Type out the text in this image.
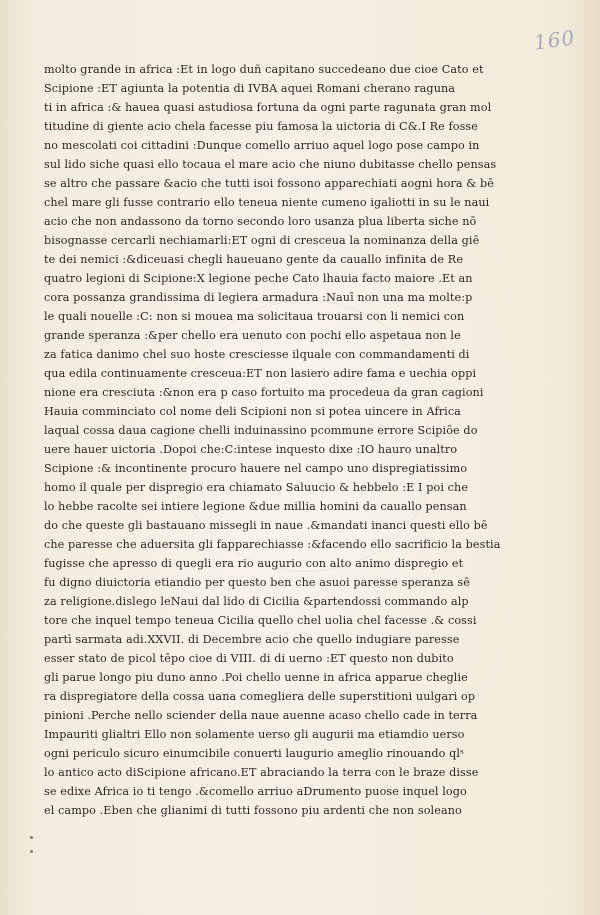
160
molto grande in africa :Et in logo duñ capitano succedeano due cioe Cato et
Scipione :ET agiunta la potentia di IVBA aquei Romani cherano raguna
ti in africa :& hauea quasi astudiosa fortuna da ogni parte ragunata gran mol
titudine di giente acio chela facesse piu famosa la uictoria di C&.I Re fosse
no mescolati coi cittadini :Dunque comello arriuo aquel logo pose campo in
sul lido siche quasi ello tocaua el mare acio che niuno dubitasse chello pensas
se altro che passare &acio che tutti isoi fossono apparechiati aogni hora & bē
chel mare gli fusse contrario ello teneua niente cumeno igaliotti in su le naui
acio che non andassono da torno secondo loro usanza plua liberta siche nō
bisognasse cercarli nechiamarli:ET ogni di cresceua la nominanza della giē
te dei nemici :&diceuasi chegli haueuano gente da cauallo infinita de Re
quatro legioni di Scipione:X legione peche Cato lhauia facto maiore .Et an
cora possanza grandissima di legiera armadura :Nauī non una ma molte:p
le quali nouelle :C: non si mouea ma solicitaua trouarsi con li nemici con
grande speranza :&per chello era uenuto con pochi ello aspetaua non le
za fatica danimo chel suo hoste cresciesse ilquale con commandamenti di
qua edila continuamente cresceua:ET non lasiero adire fama e uechia oppi
nione era cresciuta :&non era p caso fortuito ma procedeua da gran cagioni
Hauia comminciato col nome deli Scipioni non si potea uincere in Africa
laqual cossa daua cagione chelli induinassino pcommune errore Scipiōe do
uere hauer uictoria .Dopoi che:C:intese inquesto dixe :IO hauro unaltro
Scipione :& incontinente procuro hauere nel campo uno dispregiatissimo
homo il quale per dispregio era chiamato Saluucio & hebbelo :E I poi che
lo hebbe racolte sei intiere legione &due millia homini da cauallo pensan
do che queste gli bastauano missegli in naue .&mandati inanci questi ello bē
che paresse che aduersita gli fapparechiasse :&facendo ello sacrificio la bestia
fugisse che apresso di quegli era rio augurio con alto animo dispregio et
fu digno diuictoria etiandio per questo ben che asuoi paresse speranza sē
za religione.dislego leNaui dal lido di Cicilia &partendossi commando alp
tore che inquel tempo teneua Cicilia quello chel uolia chel facesse .& cossi
partì sarmata adi.XXVII. di Decembre acio che quello indugiare paresse
esser stato de picol tēpo cioe di VIII. di di uerno :ET questo non dubito
gli parue longo piu duno anno .Poi chello uenne in africa apparue cheglie
ra dispregiatore della cossa uana comegliera delle superstitioni uulgari op
pinioni .Perche nello sciender della naue auenne acaso chello cade in terra
Impauriti glialtri Ello non solamente uerso gli augurii ma etiamdio uerso
ogni periculo sicuro einumcibile conuerti laugurio ameglio rinouando qlˢ
lo antico acto diScipione africano.ET abraciando la terra con le braze disse
se edixe Africa io ti tengo .&comello arriuo aDrumento puose inquel logo
el campo .Eben che glianimi di tutti fossono piu ardenti che non soleano
